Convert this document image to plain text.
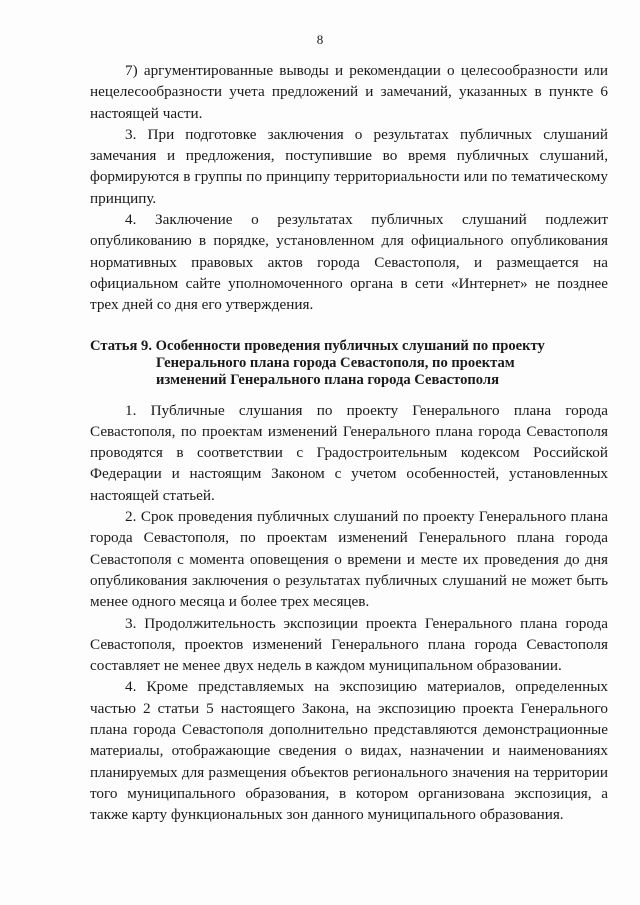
8

7) аргументированные выводы и рекомендации о целесообразности или нецелесообразности учета предложений и замечаний, указанных в пункте 6 настоящей части.

3. При подготовке заключения о результатах публичных слушаний замечания и предложения, поступившие во время публичных слушаний, формируются в группы по принципу территориальности или по тематическому принципу.

4. Заключение о результатах публичных слушаний подлежит опубликованию в порядке, установленном для официального опубликования нормативных правовых актов города Севастополя, и размещается на официальном сайте уполномоченного органа в сети «Интернет» не позднее трех дней со дня его утверждения.

Статья 9. Особенности проведения публичных слушаний по проекту
Генерального плана города Севастополя, по проектам
изменений Генерального плана города Севастополя

1. Публичные слушания по проекту Генерального плана города Севастополя, по проектам изменений Генерального плана города Севастополя проводятся в соответствии с Градостроительным кодексом Российской Федерации и настоящим Законом с учетом особенностей, установленных настоящей статьей.

2. Срок проведения публичных слушаний по проекту Генерального плана города Севастополя, по проектам изменений Генерального плана города Севастополя с момента оповещения о времени и месте их проведения до дня опубликования заключения о результатах публичных слушаний не может быть менее одного месяца и более трех месяцев.

3. Продолжительность экспозиции проекта Генерального плана города Севастополя, проектов изменений Генерального плана города Севастополя составляет не менее двух недель в каждом муниципальном образовании.

4. Кроме представляемых на экспозицию материалов, определенных частью 2 статьи 5 настоящего Закона, на экспозицию проекта Генерального плана города Севастополя дополнительно представляются демонстрационные материалы, отображающие сведения о видах, назначении и наименованиях планируемых для размещения объектов регионального значения на территории того муниципального образования, в котором организована экспозиция, а также карту функциональных зон данного муниципального образования.
